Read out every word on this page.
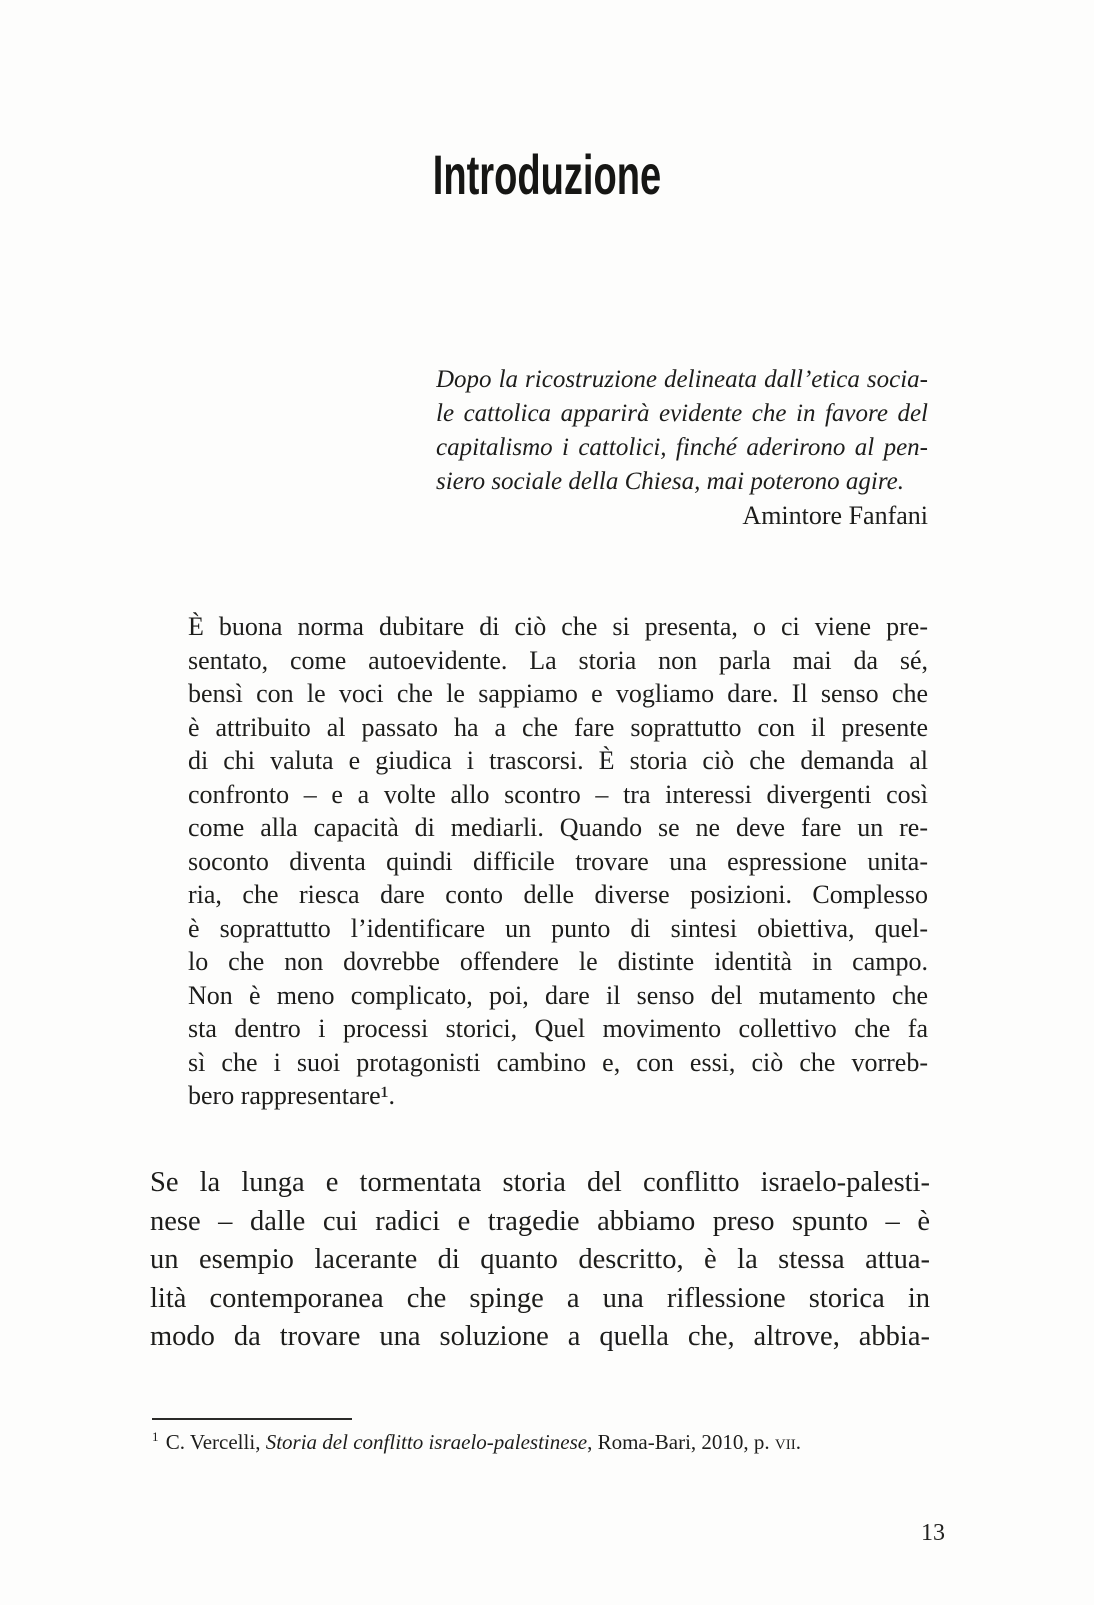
Introduzione
Dopo la ricostruzione delineata dall’etica socia-
le cattolica apparirà evidente che in favore del
capitalismo i cattolici, finché aderirono al pen-
siero sociale della Chiesa, mai poterono agire.
Amintore Fanfani
È buona norma dubitare di ciò che si presenta, o ci viene pre-
sentato, come autoevidente. La storia non parla mai da sé,
bensì con le voci che le sappiamo e vogliamo dare. Il senso che
è attribuito al passato ha a che fare soprattutto con il presente
di chi valuta e giudica i trascorsi. È storia ciò che demanda al
confronto – e a volte allo scontro – tra interessi divergenti così
come alla capacità di mediarli. Quando se ne deve fare un re-
soconto diventa quindi difficile trovare una espressione unita-
ria, che riesca dare conto delle diverse posizioni. Complesso
è soprattutto l’identificare un punto di sintesi obiettiva, quel-
lo che non dovrebbe offendere le distinte identità in campo.
Non è meno complicato, poi, dare il senso del mutamento che
sta dentro i processi storici, Quel movimento collettivo che fa
sì che i suoi protagonisti cambino e, con essi, ciò che vorreb-
bero rappresentare¹.
Se la lunga e tormentata storia del conflitto israelo-palesti-
nese – dalle cui radici e tragedie abbiamo preso spunto – è
un esempio lacerante di quanto descritto, è la stessa attua-
lità contemporanea che spinge a una riflessione storica in
modo da trovare una soluzione a quella che, altrove, abbia-
$^1$ C. Vercelli, Storia del conflitto israelo-palestinese, Roma-Bari, 2010, p. vii.
13
